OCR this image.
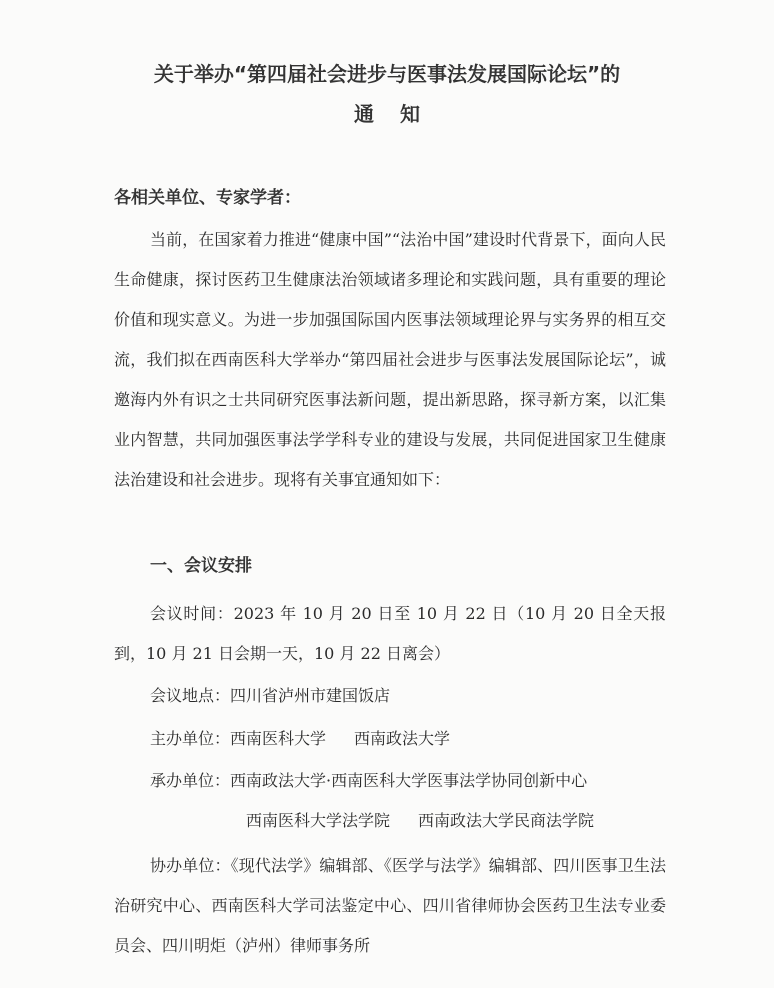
关于举办“第四届社会进步与医事法发展国际论坛”的
通知
各相关单位、专家学者：
当前，在国家着力推进“健康中国”“法治中国”建设时代背景下，面向人民生命健康，探讨医药卫生健康法治领域诸多理论和实践问题，具有重要的理论价值和现实意义。为进一步加强国际国内医事法领域理论界与实务界的相互交流，我们拟在西南医科大学举办“第四届社会进步与医事法发展国际论坛”，诚邀海内外有识之士共同研究医事法新问题，提出新思路，探寻新方案，以汇集业内智慧，共同加强医事法学学科专业的建设与发展，共同促进国家卫生健康法治建设和社会进步。现将有关事宜通知如下：
一、会议安排
会议时间：2023 年 10 月 20 日至 10 月 22 日（10 月 20 日全天报到，10 月 21 日会期一天，10 月 22 日离会）
会议地点：四川省泸州市建国饭店
主办单位：西南医科大学 西南政法大学
承办单位：西南政法大学·西南医科大学医事法学协同创新中心
西南医科大学法学院 西南政法大学民商法学院
协办单位：《现代法学》编辑部、《医学与法学》编辑部、四川医事卫生法治研究中心、西南医科大学司法鉴定中心、四川省律师协会医药卫生法专业委员会、四川明炬（泸州）律师事务所
